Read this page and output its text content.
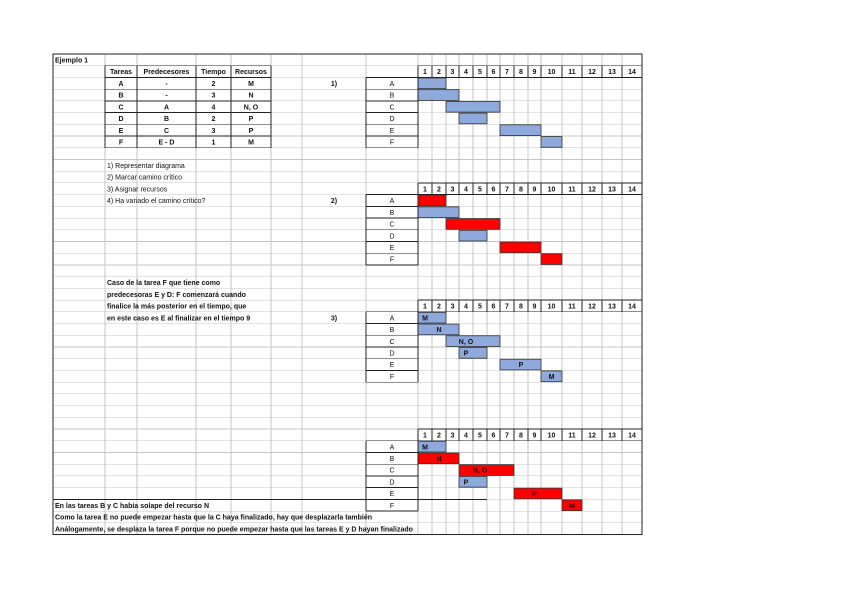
Ejemplo 1
Tareas Predecesores Tiempo Recursos
A	-	2	M
B	-	3	N
C	A	4	N, O
D	B	2	P
E	C	3	P
F	E - D	1	M
1) Representar diagrama
2) Marcar camino crítico
3) Asignar recursos
4) Ha variado el camino crítico?
Caso de la tarea F que tiene como
predecesoras E y D: F comenzará cuando
finalice la más posterior en el tiempo, que
en este caso es E al finalizar en el tiempo 9
En las tareas B y C había solape del recurso N
Como la tarea E no puede empezar hasta que la C haya finalizado, hay que desplazarla también
Análogamente, se desplaza la tarea F porque no puede empezar hasta que las tareas E y D hayan finalizado
1 2 3 4 5 6 7 8 9 10 11 12 13 14
1)	A
B
C
D
E
F
1 2 3 4 5 6 7 8 9 10 11 12 13 14
2)	A
B
C
D
E
F
1 2 3 4 5 6 7 8 9 10 11 12 13 14
3)	A	M
B	N
C	N, O
D	P
E	P
F	M
1 2 3 4 5 6 7 8 9 10 11 12 13 14
A	M
B	N
C	N, O
D	P
E	P
F	M
